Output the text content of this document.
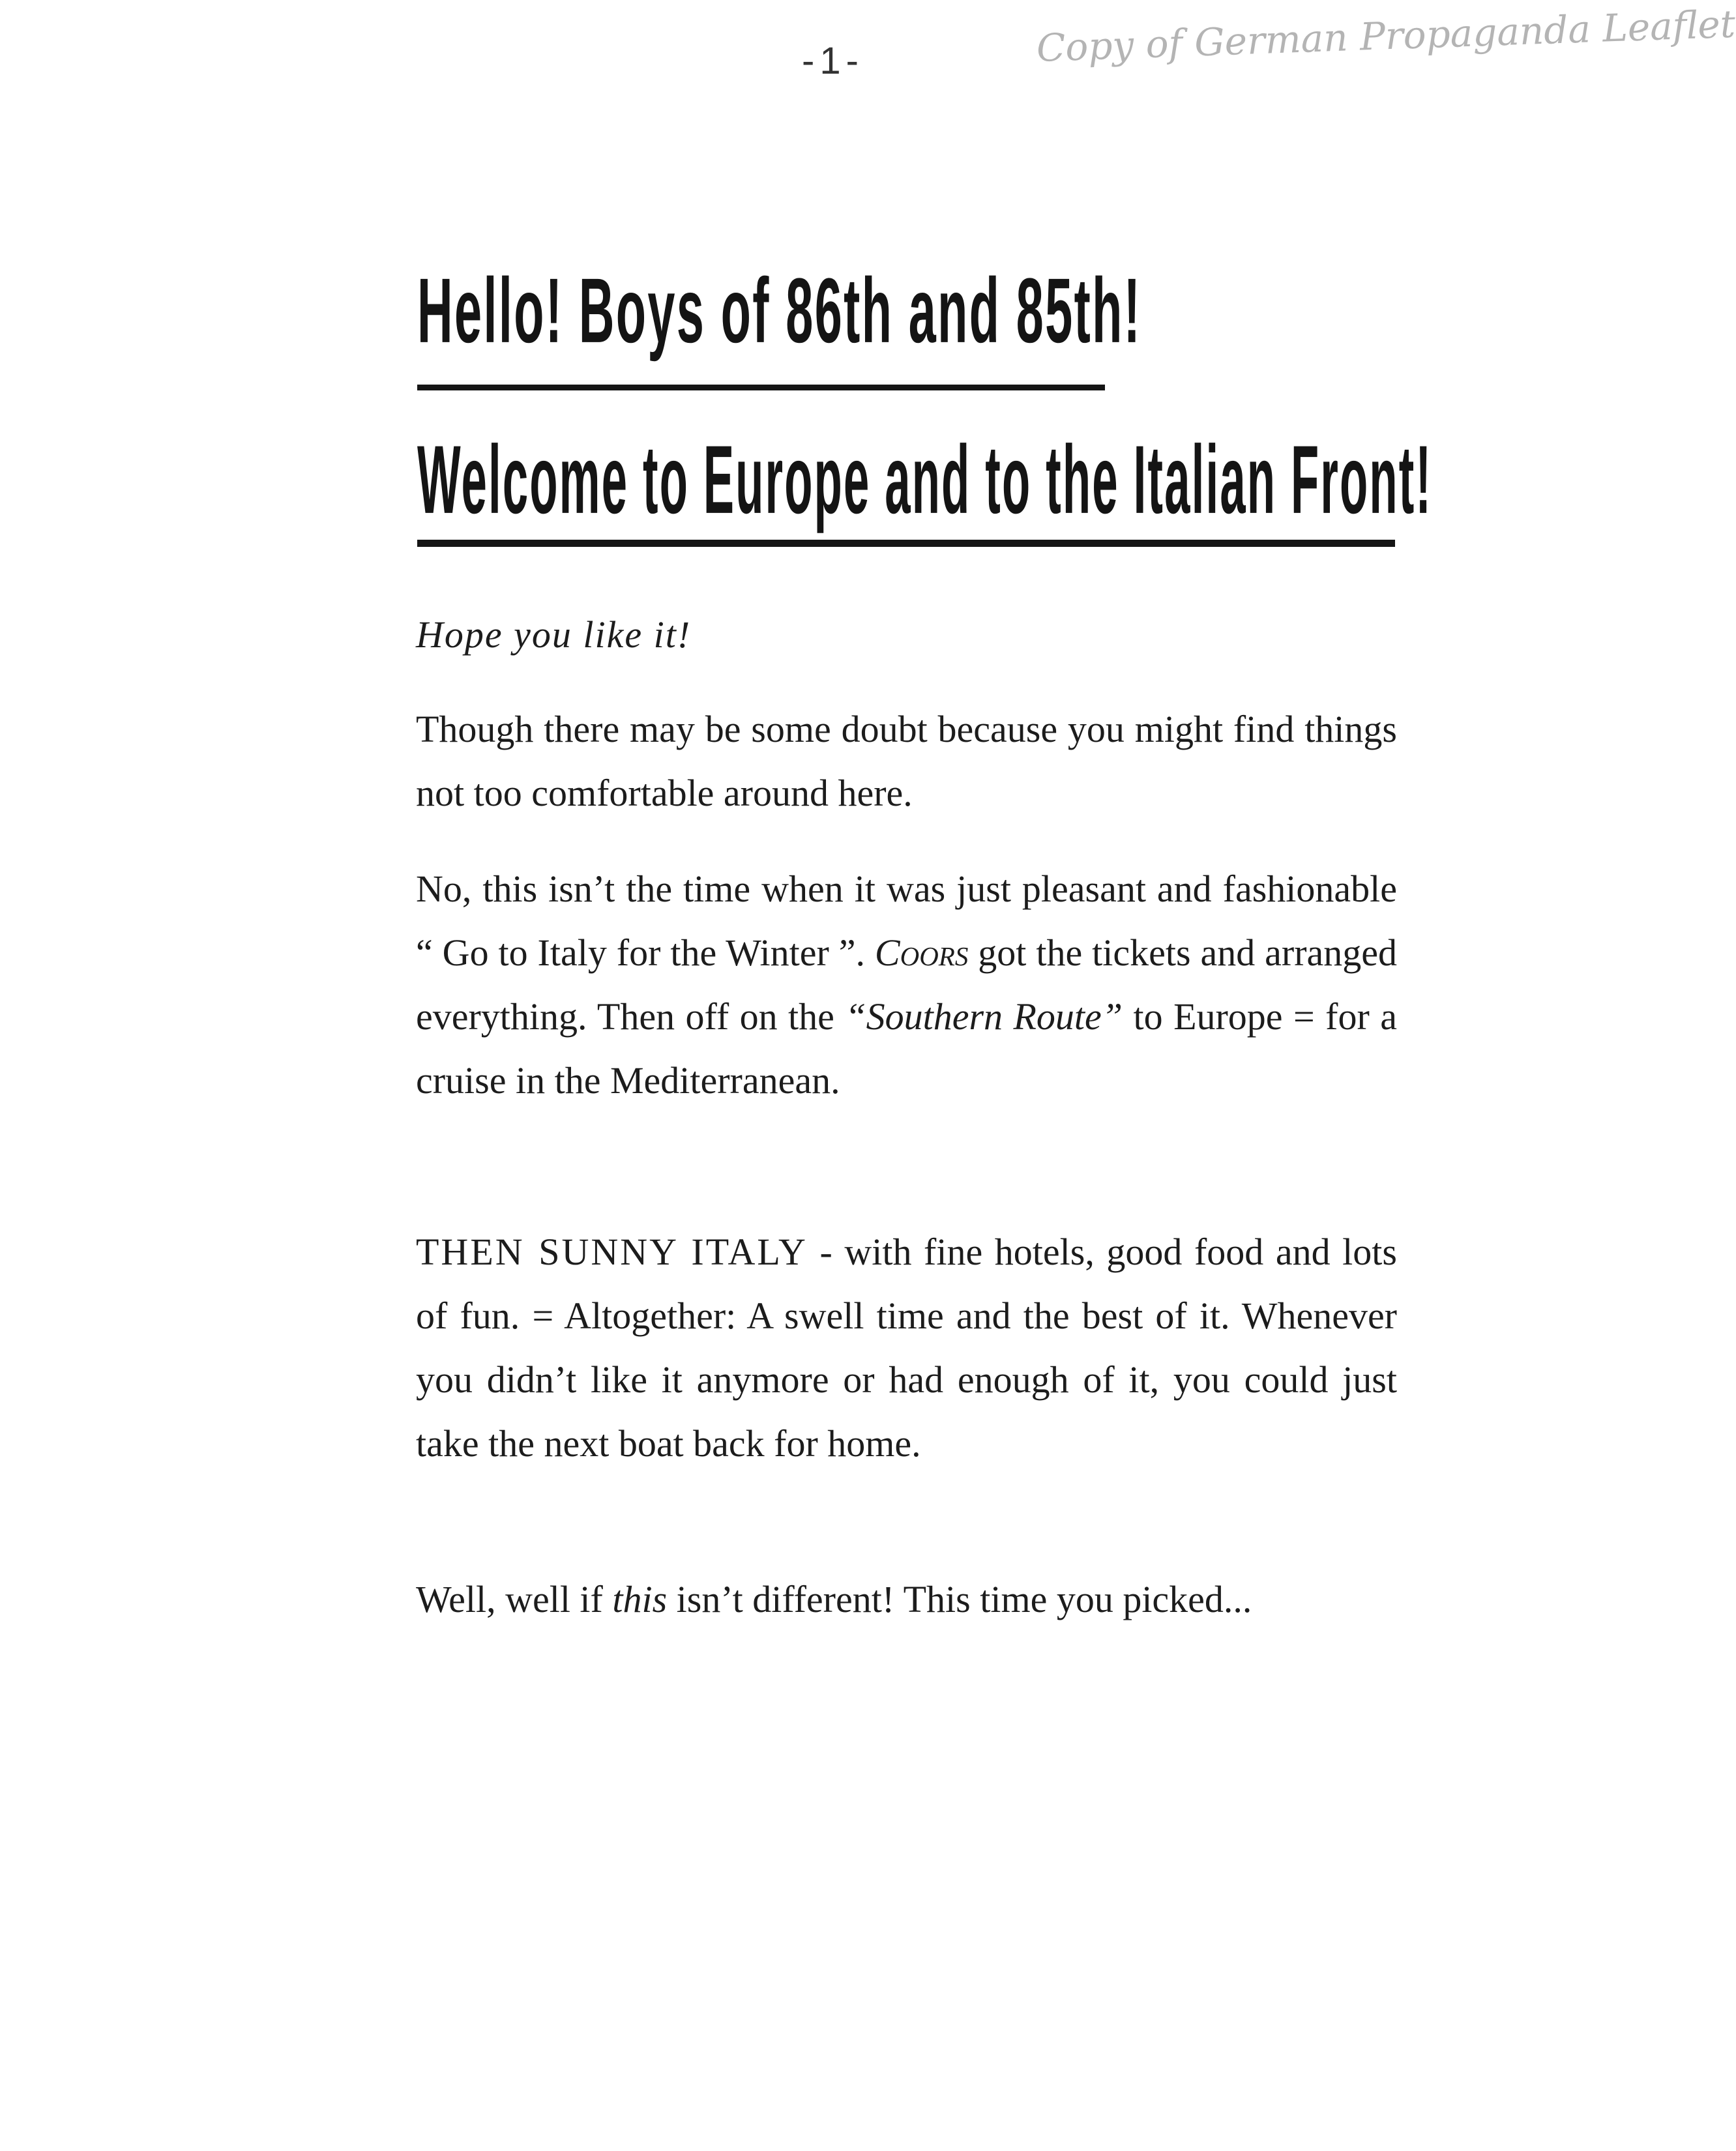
-1-	Copy of German Propaganda Leaflet
Hello! Boys of 86th and 85th!
Welcome to Europe and to the Italian Front!
Hope you like it!

Though there may be some doubt because you might find things not too comfortable around here.

No, this isn’t the time when it was just pleasant and fashionable “ Go to Italy for the Winter ”. Coors got the tickets and arranged everything. Then off on the “Southern Route” to Europe = for a cruise in the Mediterranean.

THEN SUNNY ITALY - with fine hotels, good food and lots of fun. = Altogether: A swell time and the best of it. Whenever you didn’t like it anymore or had enough of it, you could just take the next boat back for home.

Well, well if this isn’t different! This time you picked...
